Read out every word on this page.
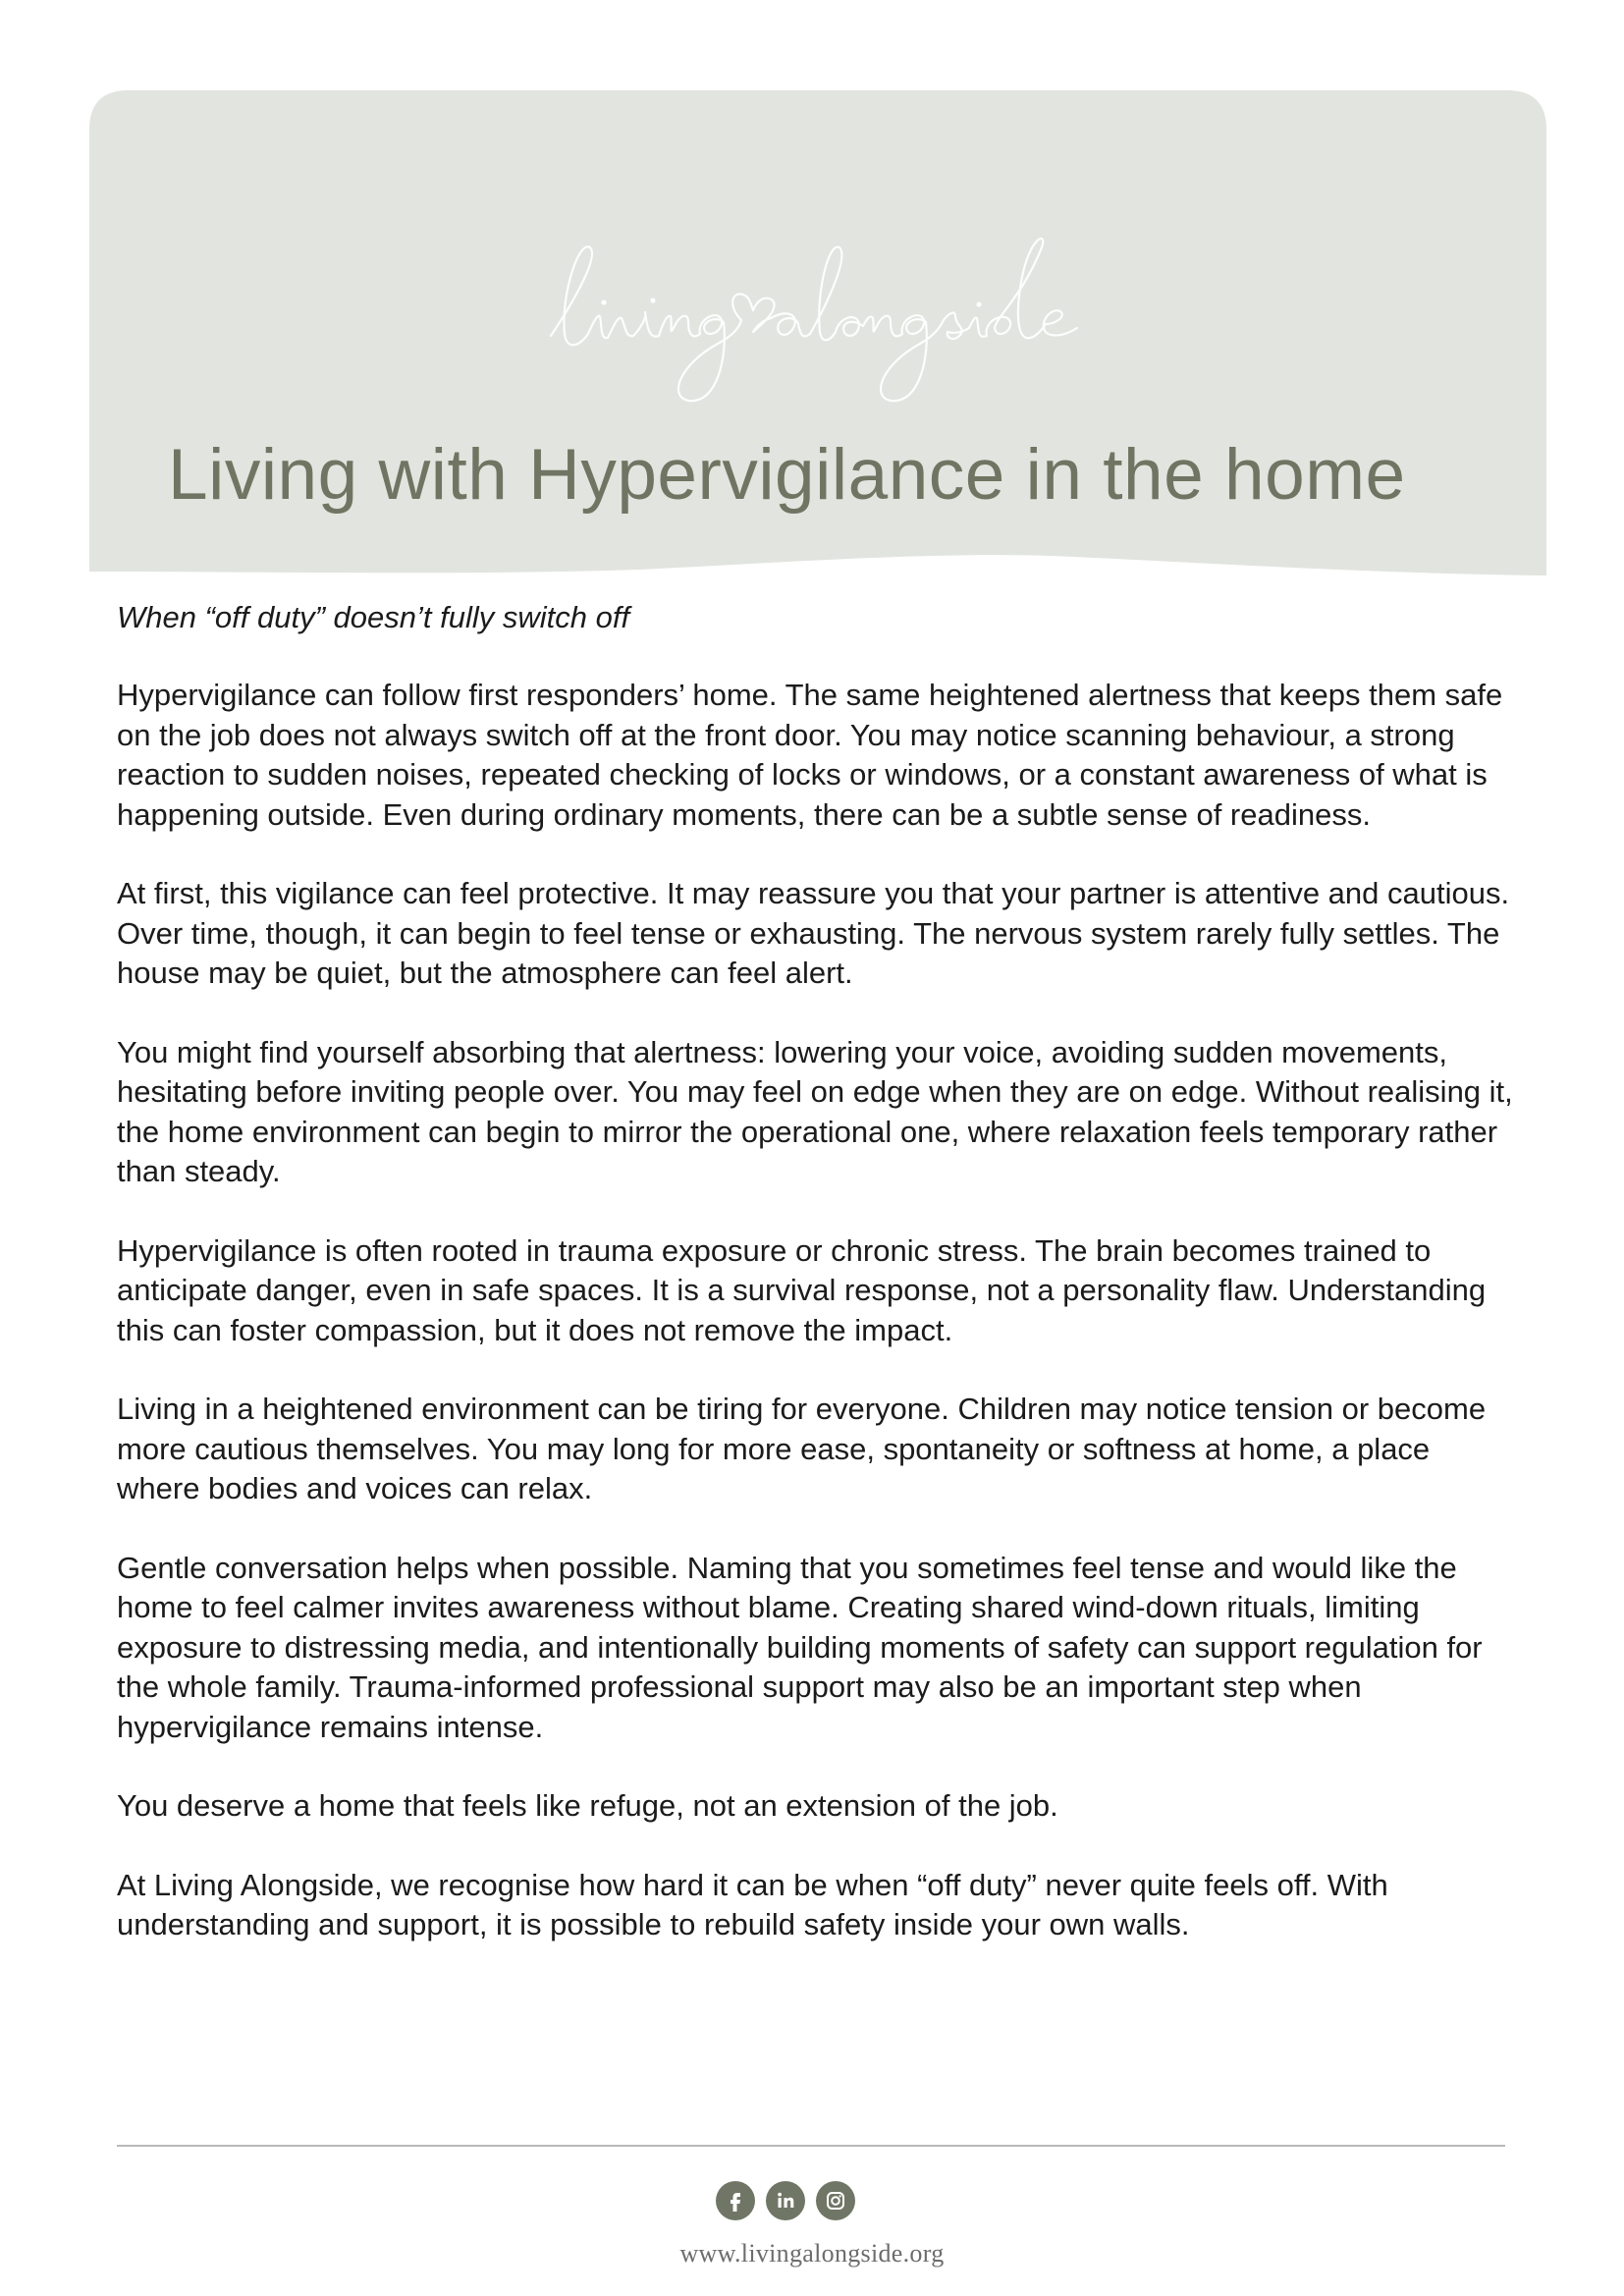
Living with Hypervigilance in the home

When “off duty” doesn’t fully switch off

Hypervigilance can follow first responders’ home. The same heightened alertness that keeps them safe on the job does not always switch off at the front door. You may notice scanning behaviour, a strong reaction to sudden noises, repeated checking of locks or windows, or a constant awareness of what is happening outside. Even during ordinary moments, there can be a subtle sense of readiness.

At first, this vigilance can feel protective. It may reassure you that your partner is attentive and cautious. Over time, though, it can begin to feel tense or exhausting. The nervous system rarely fully settles. The house may be quiet, but the atmosphere can feel alert.

You might find yourself absorbing that alertness: lowering your voice, avoiding sudden movements, hesitating before inviting people over. You may feel on edge when they are on edge. Without realising it, the home environment can begin to mirror the operational one, where relaxation feels temporary rather than steady.

Hypervigilance is often rooted in trauma exposure or chronic stress. The brain becomes trained to anticipate danger, even in safe spaces. It is a survival response, not a personality flaw. Understanding this can foster compassion, but it does not remove the impact.

Living in a heightened environment can be tiring for everyone. Children may notice tension or become more cautious themselves. You may long for more ease, spontaneity or softness at home, a place where bodies and voices can relax.

Gentle conversation helps when possible. Naming that you sometimes feel tense and would like the home to feel calmer invites awareness without blame. Creating shared wind-down rituals, limiting exposure to distressing media, and intentionally building moments of safety can support regulation for the whole family. Trauma-informed professional support may also be an important step when hypervigilance remains intense.

You deserve a home that feels like refuge, not an extension of the job.

At Living Alongside, we recognise how hard it can be when “off duty” never quite feels off. With understanding and support, it is possible to rebuild safety inside your own walls.

www.livingalongside.org
